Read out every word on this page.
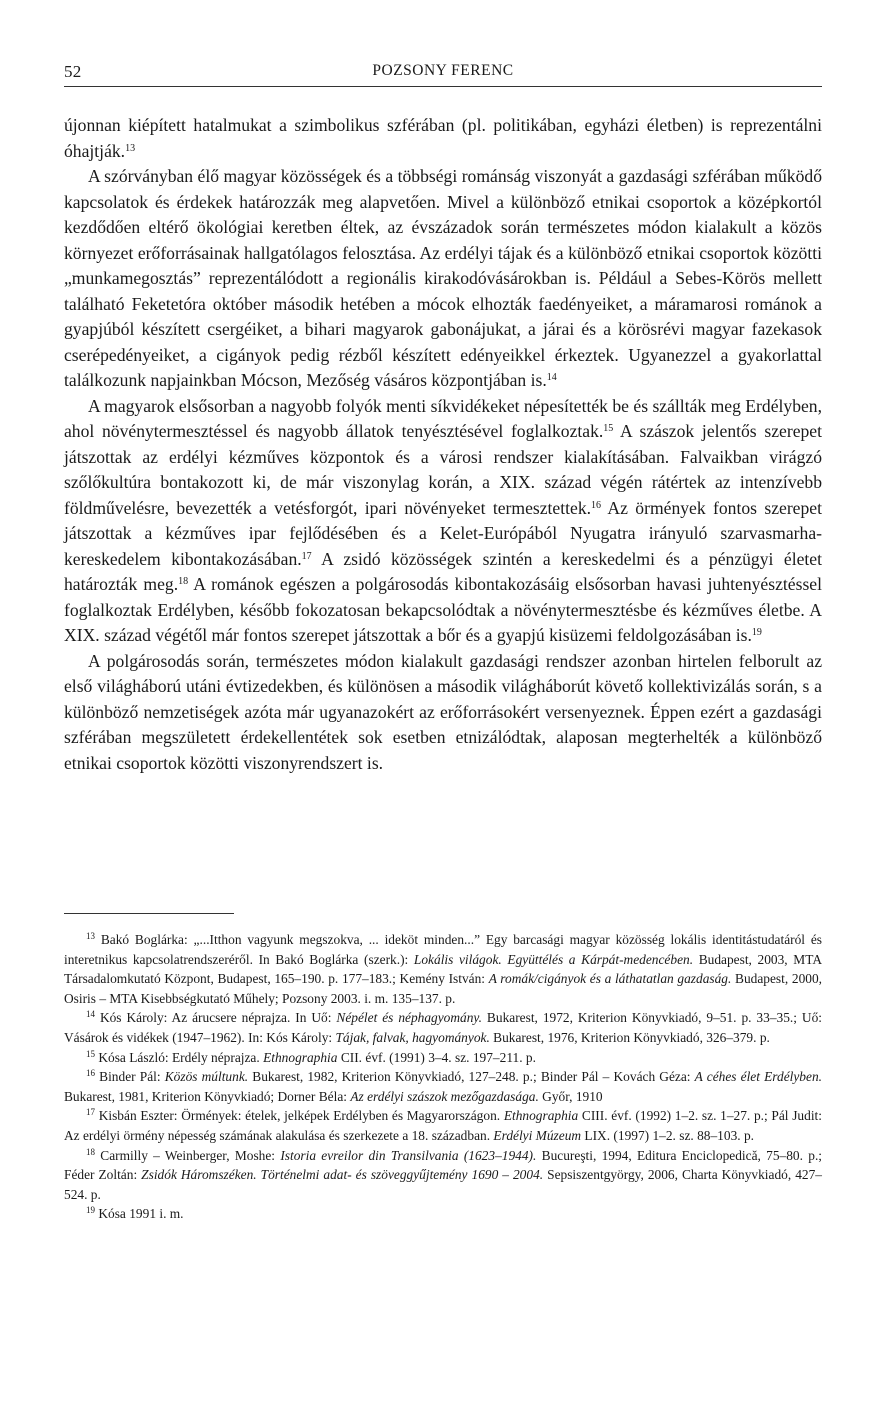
52	POZSONY FERENC

újonnan kiépített hatalmukat a szimbolikus szférában (pl. politikában, egyházi életben) is reprezentálni óhajtják.$^{13}$

A szórványban élő magyar közösségek és a többségi románság viszonyát a gazdasági szférában működő kapcsolatok és érdekek határozzák meg alapvetően. Mivel a különböző etnikai csoportok a középkortól kezdődően eltérő ökológiai keretben éltek, az évszázadok során természetes módon kialakult a közös környezet erőforrásainak hallgatólagos felosztása. Az erdélyi tájak és a különböző etnikai csoportok közötti „munkamegosztás” reprezentálódott a regionális kirakodóvásárokban is. Például a Sebes-Körös mellett található Feketetóra október második hetében a mócok elhozták faedényeiket, a máramarosi románok a gyapjúból készített csergéiket, a bihari magyarok gabonájukat, a járai és a körösrévi magyar fazekasok cserépedényeiket, a cigányok pedig rézből készített edényeikkel érkeztek. Ugyanezzel a gyakorlattal találkozunk napjainkban Mócson, Mezőség vásáros központjában is.$^{14}$

A magyarok elsősorban a nagyobb folyók menti síkvidékeket népesítették be és szállták meg Erdélyben, ahol növénytermesztéssel és nagyobb állatok tenyésztésével foglalkoztak.$^{15}$ A szászok jelentős szerepet játszottak az erdélyi kézműves központok és a városi rendszer kialakításában. Falvaikban virágzó szőlőkultúra bontakozott ki, de már viszonylag korán, a XIX. század végén rátértek az intenzívebb földművelésre, bevezették a vetésforgót, ipari növényeket termesztettek.$^{16}$ Az örmények fontos szerepet játszottak a kézműves ipar fejlődésében és a Kelet-Európából Nyugatra irányuló szarvasmarha-kereskedelem kibontakozásában.$^{17}$ A zsidó közösségek szintén a kereskedelmi és a pénzügyi életet határozták meg.$^{18}$ A románok egészen a polgárosodás kibontakozásáig elsősorban havasi juhtenyésztéssel foglalkoztak Erdélyben, később fokozatosan bekapcsolódtak a növénytermesztésbe és kézműves életbe. A XIX. század végétől már fontos szerepet játszottak a bőr és a gyapjú kisüzemi feldolgozásában is.$^{19}$

A polgárosodás során, természetes módon kialakult gazdasági rendszer azonban hirtelen felborult az első világháború utáni évtizedekben, és különösen a második világháborút követő kollektivizálás során, s a különböző nemzetiségek azóta már ugyanazokért az erőforrásokért versenyeznek. Éppen ezért a gazdasági szférában megszületett érdekellentétek sok esetben etnizálódtak, alaposan megterhelték a különböző etnikai csoportok közötti viszonyrendszert is.

$^{13}$ Bakó Boglárka: „...Itthon vagyunk megszokva, ... ideköt minden...” Egy barcasági magyar közösség lokális identitástudatáról és interetnikus kapcsolatrendszeréről. In Bakó Boglárka (szerk.): Lokális világok. Együttélés a Kárpát-medencében. Budapest, 2003, MTA Társadalomkutató Központ, Budapest, 165–190. p. 177–183.; Kemény István: A romák/cigányok és a láthatatlan gazdaság. Budapest, 2000, Osiris – MTA Kisebbségkutató Műhely; Pozsony 2003. i. m. 135–137. p.

$^{14}$ Kós Károly: Az árucsere néprajza. In Uő: Népélet és néphagyomány. Bukarest, 1972, Kriterion Könyvkiadó, 9–51. p. 33–35.; Uő: Vásárok és vidékek (1947–1962). In: Kós Károly: Tájak, falvak, hagyományok. Bukarest, 1976, Kriterion Könyvkiadó, 326–379. p.

$^{15}$ Kósa László: Erdély néprajza. Ethnographia CII. évf. (1991) 3–4. sz. 197–211. p.

$^{16}$ Binder Pál: Közös múltunk. Bukarest, 1982, Kriterion Könyvkiadó, 127–248. p.; Binder Pál – Kovách Géza: A céhes élet Erdélyben. Bukarest, 1981, Kriterion Könyvkiadó; Dorner Béla: Az erdélyi szászok mezőgazdasága. Győr, 1910

$^{17}$ Kisbán Eszter: Örmények: ételek, jelképek Erdélyben és Magyarországon. Ethnographia CIII. évf. (1992) 1–2. sz. 1–27. p.; Pál Judit: Az erdélyi örmény népesség számának alakulása és szerkezete a 18. században. Erdélyi Múzeum LIX. (1997) 1–2. sz. 88–103. p.

$^{18}$ Carmilly – Weinberger, Moshe: Istoria evreilor din Transilvania (1623–1944). Bucureşti, 1994, Editura Enciclopedică, 75–80. p.; Féder Zoltán: Zsidók Háromszéken. Történelmi adat- és szöveggyűjtemény 1690 – 2004. Sepsiszentgyörgy, 2006, Charta Könyvkiadó, 427–524. p.

$^{19}$ Kósa 1991 i. m.
